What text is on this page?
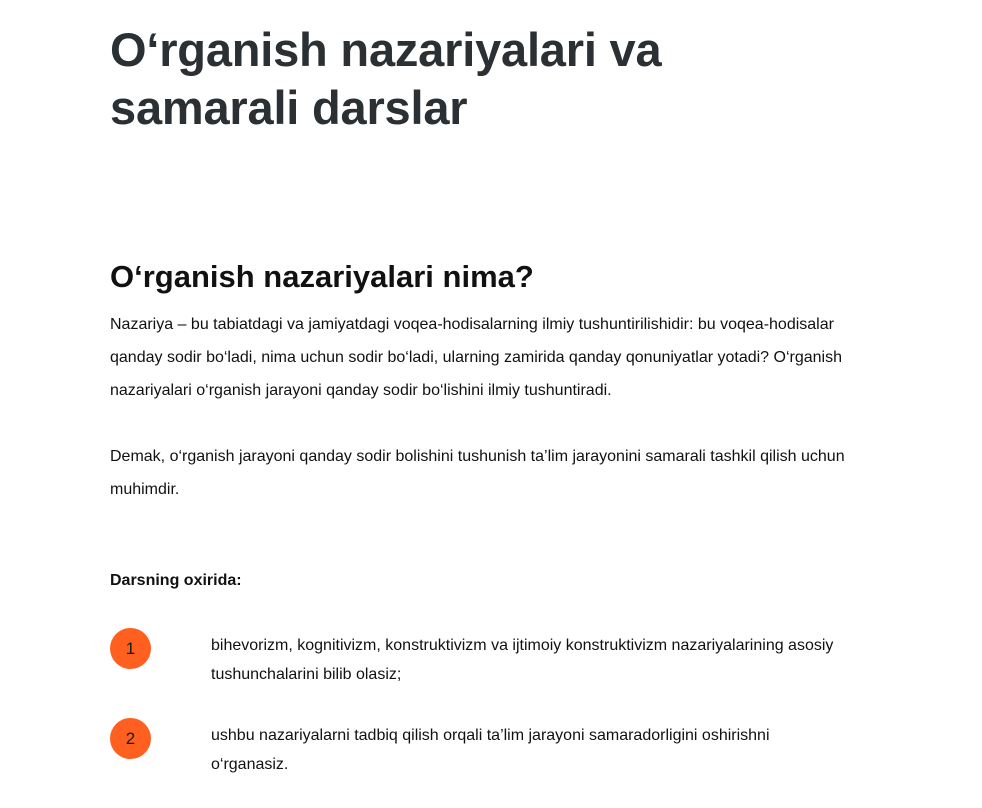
O‘rganish nazariyalari va samarali darslar
O‘rganish nazariyalari nima?

Nazariya – bu tabiatdagi va jamiyatdagi voqea-hodisalarning ilmiy tushuntirilishidir: bu voqea-hodisalar qanday sodir bo‘ladi, nima uchun sodir bo‘ladi, ularning zamirida qanday qonuniyatlar yotadi? O‘rganish nazariyalari o‘rganish jarayoni qanday sodir bo‘lishini ilmiy tushuntiradi.

Demak, o‘rganish jarayoni qanday sodir bolishini tushunish ta’lim jarayonini samarali tashkil qilish uchun muhimdir.

Darsning oxirida:
1	bihevorizm, kognitivizm, konstruktivizm va ijtimoiy konstruktivizm nazariyalarining asosiy tushunchalarini bilib olasiz;

2	ushbu nazariyalarni tadbiq qilish orqali ta’lim jarayoni samaradorligini oshirishni o‘rganasiz.
